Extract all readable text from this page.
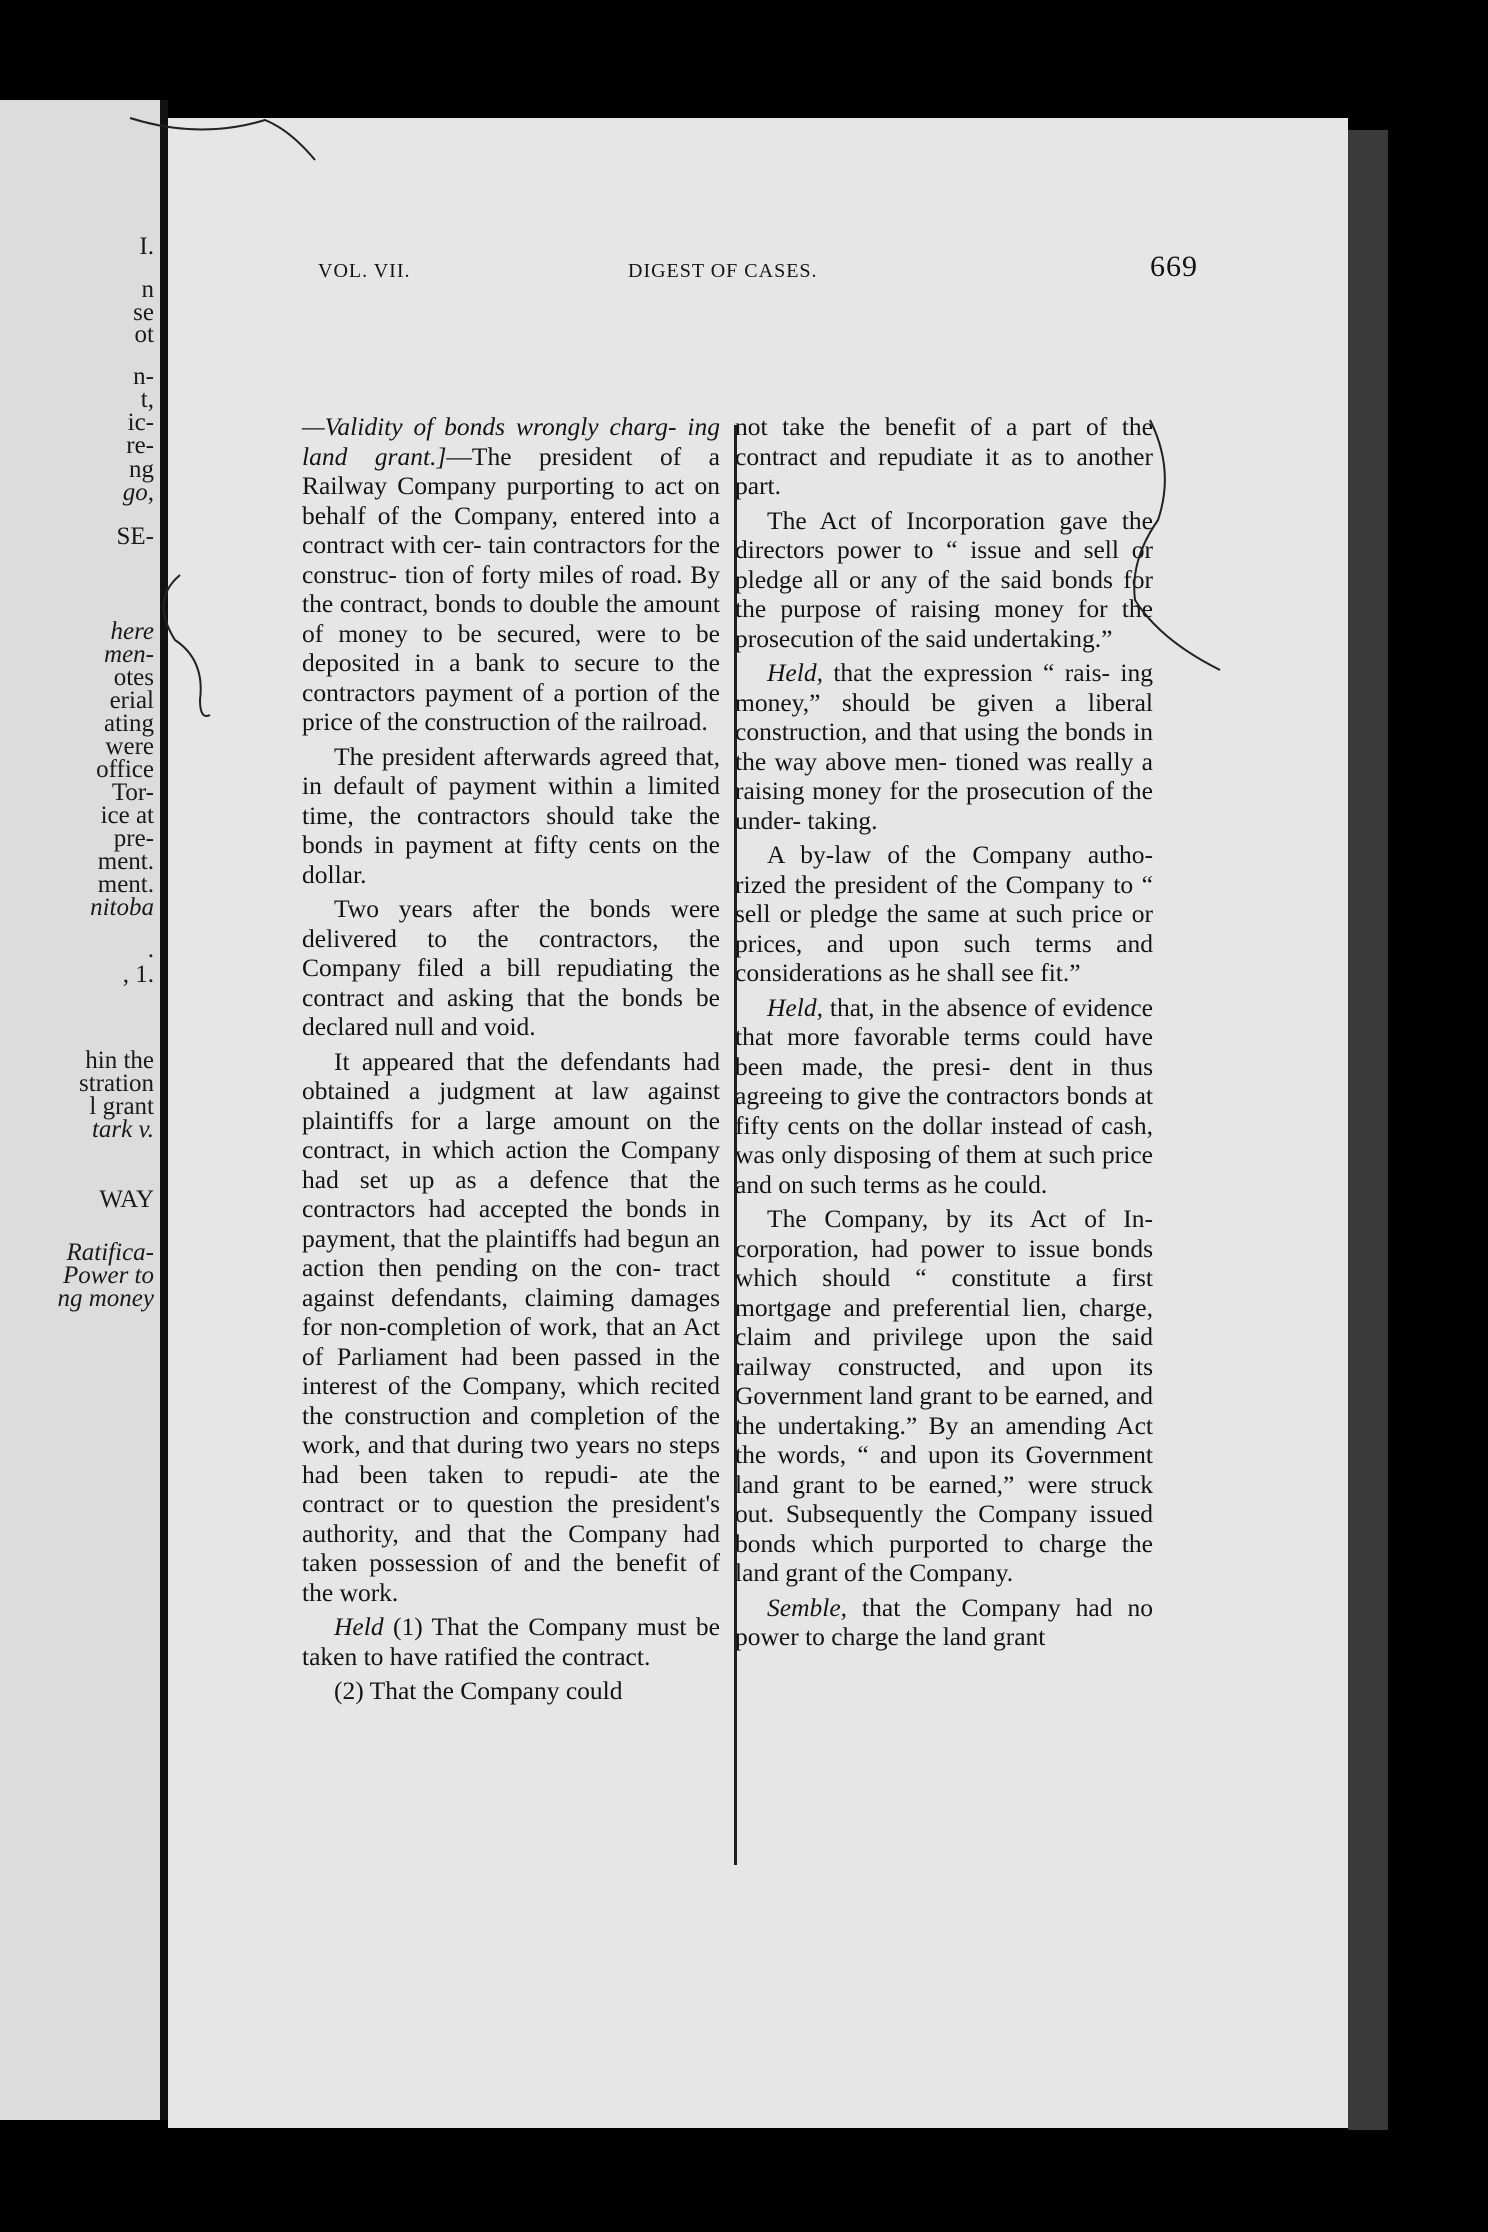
I.
n
se
ot
n-
t,
ic-
re-
ng
go,
SE-
here
men-
otes
erial
ating
were
office
Tor-
ice at
pre-
ment.
ment.
nitoba
.
, 1.
hin the
stration
l grant
tark v.
WAY
Ratifica-
Power to
ng money
VOL. VII.	DIGEST OF CASES.	669

—Validity of bonds wrongly charg- ing land grant.]—The president of a Railway Company purporting to act on behalf of the Company, entered into a contract with cer- tain contractors for the construc- tion of forty miles of road. By the contract, bonds to double the amount of money to be secured, were to be deposited in a bank to secure to the contractors payment of a portion of the price of the construction of the railroad.

The president afterwards agreed that, in default of payment within a limited time, the contractors should take the bonds in payment at fifty cents on the dollar.

Two years after the bonds were delivered to the contractors, the Company filed a bill repudiating the contract and asking that the bonds be declared null and void.

It appeared that the defendants had obtained a judgment at law against plaintiffs for a large amount on the contract, in which action the Company had set up as a defence that the contractors had accepted the bonds in payment, that the plaintiffs had begun an action then pending on the con- tract against defendants, claiming damages for non-completion of work, that an Act of Parliament had been passed in the interest of the Company, which recited the construction and completion of the work, and that during two years no steps had been taken to repudi- ate the contract or to question the president's authority, and that the Company had taken possession of and the benefit of the work.

Held (1) That the Company must be taken to have ratified the contract.

(2) That the Company could

not take the benefit of a part of the contract and repudiate it as to another part.

The Act of Incorporation gave the directors power to “ issue and sell or pledge all or any of the said bonds for the purpose of raising money for the prosecution of the said undertaking.”

Held, that the expression “ rais- ing money,” should be given a liberal construction, and that using the bonds in the way above men- tioned was really a raising money for the prosecution of the under- taking.

A by-law of the Company autho- rized the president of the Company to “ sell or pledge the same at such price or prices, and upon such terms and considerations as he shall see fit.”

Held, that, in the absence of evidence that more favorable terms could have been made, the presi- dent in thus agreeing to give the contractors bonds at fifty cents on the dollar instead of cash, was only disposing of them at such price and on such terms as he could.

The Company, by its Act of In- corporation, had power to issue bonds which should “ constitute a first mortgage and preferential lien, charge, claim and privilege upon the said railway constructed, and upon its Government land grant to be earned, and the undertaking.” By an amending Act the words, “ and upon its Government land grant to be earned,” were struck out. Subsequently the Company issued bonds which purported to charge the land grant of the Company.

Semble, that the Company had no power to charge the land grant
